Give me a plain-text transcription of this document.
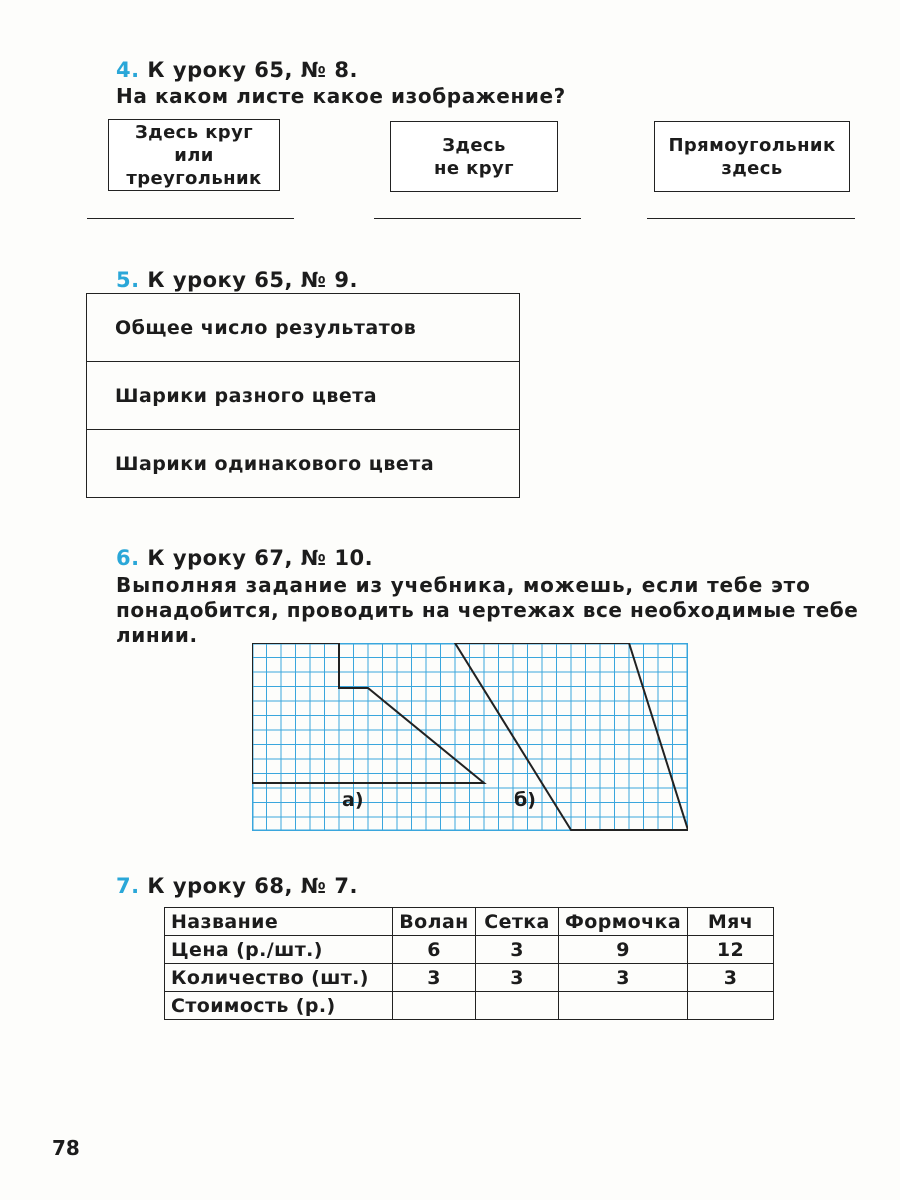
4. К уроку 65, № 8.
На каком листе какое изображение?
Здесь круг
или
треугольник
Здесь
не круг
Прямоугольник
здесь
5. К уроку 65, № 9.
Общее число результатов
Шарики разного цвета
Шарики одинакового цвета
6. К уроку 67, № 10.
Выполняя задание из учебника, можешь, если тебе это
понадобится, проводить на чертежах все необходимые тебе
линии.
а)	б)
7. К уроку 68, № 7.
Название	Волан	Сетка	Формочка	Мяч
Цена (р./шт.)	6	3	9	12
Количество (шт.)	3	3	3	3
Стоимость (р.)				
78
